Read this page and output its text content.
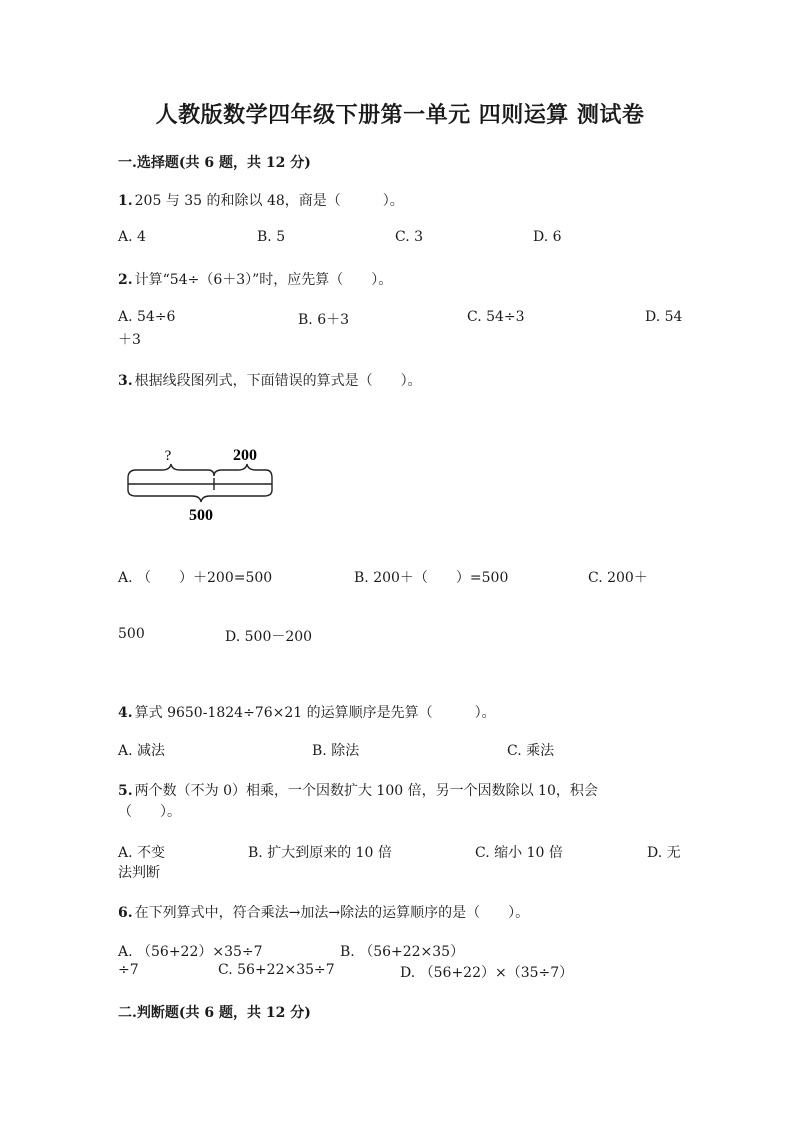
人教版数学四年级下册第一单元 四则运算 测试卷
一.选择题(共 6 题，共 12 分)
1. 205 与 35 的和除以 48，商是（　　　）。
A. 4	B. 5	C. 3	D. 6
2. 计算“54÷（6＋3）”时，应先算（　　）。
A. 54÷6	B. 6＋3	C. 54÷3	D. 54
＋3
3. 根据线段图列式，下面错误的算式是（　　）。
?	200
500
A. （　　）＋200=500	B. 200＋（　　）=500	C. 200＋
500	D. 500－200
4. 算式 9650-1824÷76×21 的运算顺序是先算（　　　）。
A. 减法	B. 除法	C. 乘法
5. 两个数（不为 0）相乘，一个因数扩大 100 倍，另一个因数除以 10，积会
（　　）。
A. 不变	B. 扩大到原来的 10 倍	C. 缩小 10 倍	D. 无
法判断
6. 在下列算式中，符合乘法→加法→除法的运算顺序的是（　　）。
A. （56+22）×35÷7	B. （56+22×35）
÷7	C. 56+22×35÷7	D. （56+22）×（35÷7）
二.判断题(共 6 题，共 12 分)
